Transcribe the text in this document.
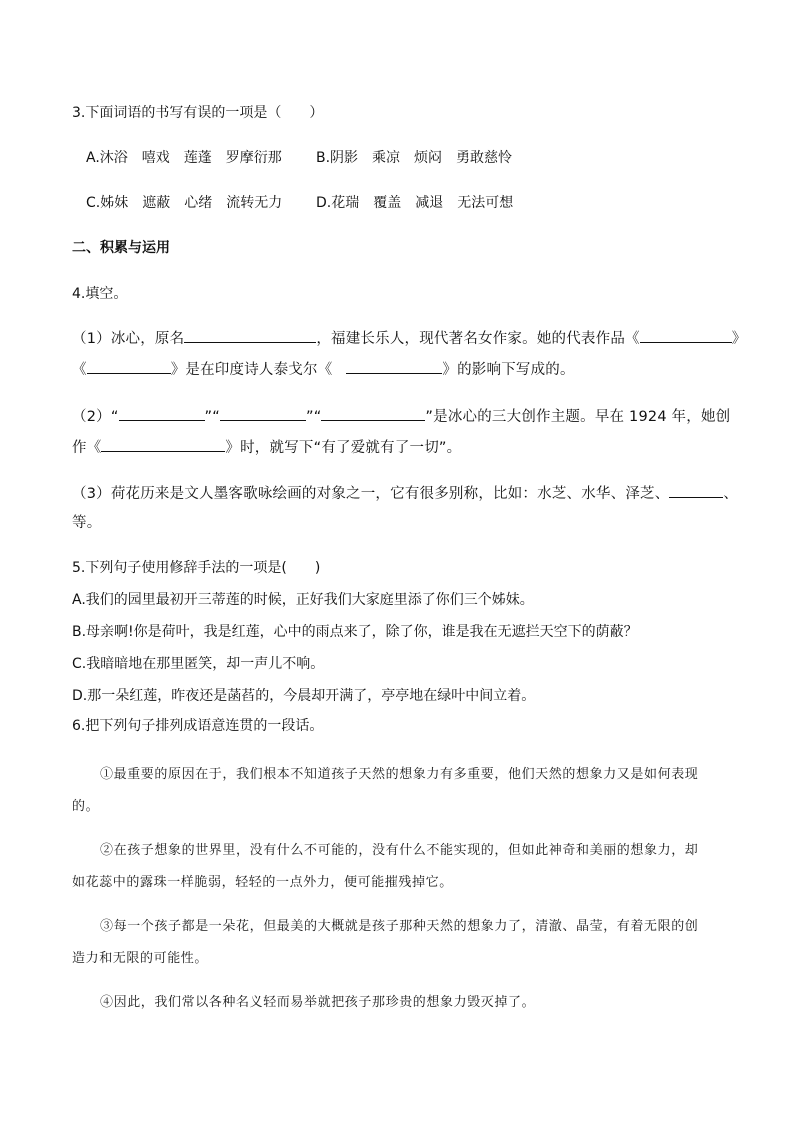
3.下面词语的书写有误的一项是（　　）
A.沐浴　嘻戏　莲蓬　罗摩衍那 B.阴影　乘凉　烦闷　勇敢慈怜
C.姊妹　遮蔽　心绪　流转无力 D.花瑞　覆盖　减退　无法可想
二、积累与运用
4.填空。
（1）冰心，原名	，福建长乐人，现代著名女作家。她的代表作品《	》
《	》是在印度诗人泰戈尔《	》的影响下写成的。
（2）“	”“	”“	”是冰心的三大创作主题。早在 1924 年，她创
作《	》时，就写下“有了爱就有了一切”。
（3）荷花历来是文人墨客歌咏绘画的对象之一，它有很多别称，比如：水芝、水华、泽芝、	、
等。
5.下列句子使用修辞手法的一项是(　　)
A.我们的园里最初开三蒂莲的时候，正好我们大家庭里添了你们三个姊妹。
B.母亲啊!你是荷叶，我是红莲，心中的雨点来了，除了你，谁是我在无遮拦天空下的荫蔽？
C.我暗暗地在那里匿笑，却一声儿不响。
D.那一朵红莲，昨夜还是菡萏的，今晨却开满了，亭亭地在绿叶中间立着。
6.把下列句子排列成语意连贯的一段话。
①最重要的原因在于，我们根本不知道孩子天然的想象力有多重要，他们天然的想象力又是如何表现
的。
②在孩子想象的世界里，没有什么不可能的，没有什么不能实现的，但如此神奇和美丽的想象力，却
如花蕊中的露珠一样脆弱，轻轻的一点外力，便可能摧残掉它。
③每一个孩子都是一朵花，但最美的大概就是孩子那种天然的想象力了，清澈、晶莹，有着无限的创
造力和无限的可能性。
④因此，我们常以各种名义轻而易举就把孩子那珍贵的想象力毁灭掉了。
